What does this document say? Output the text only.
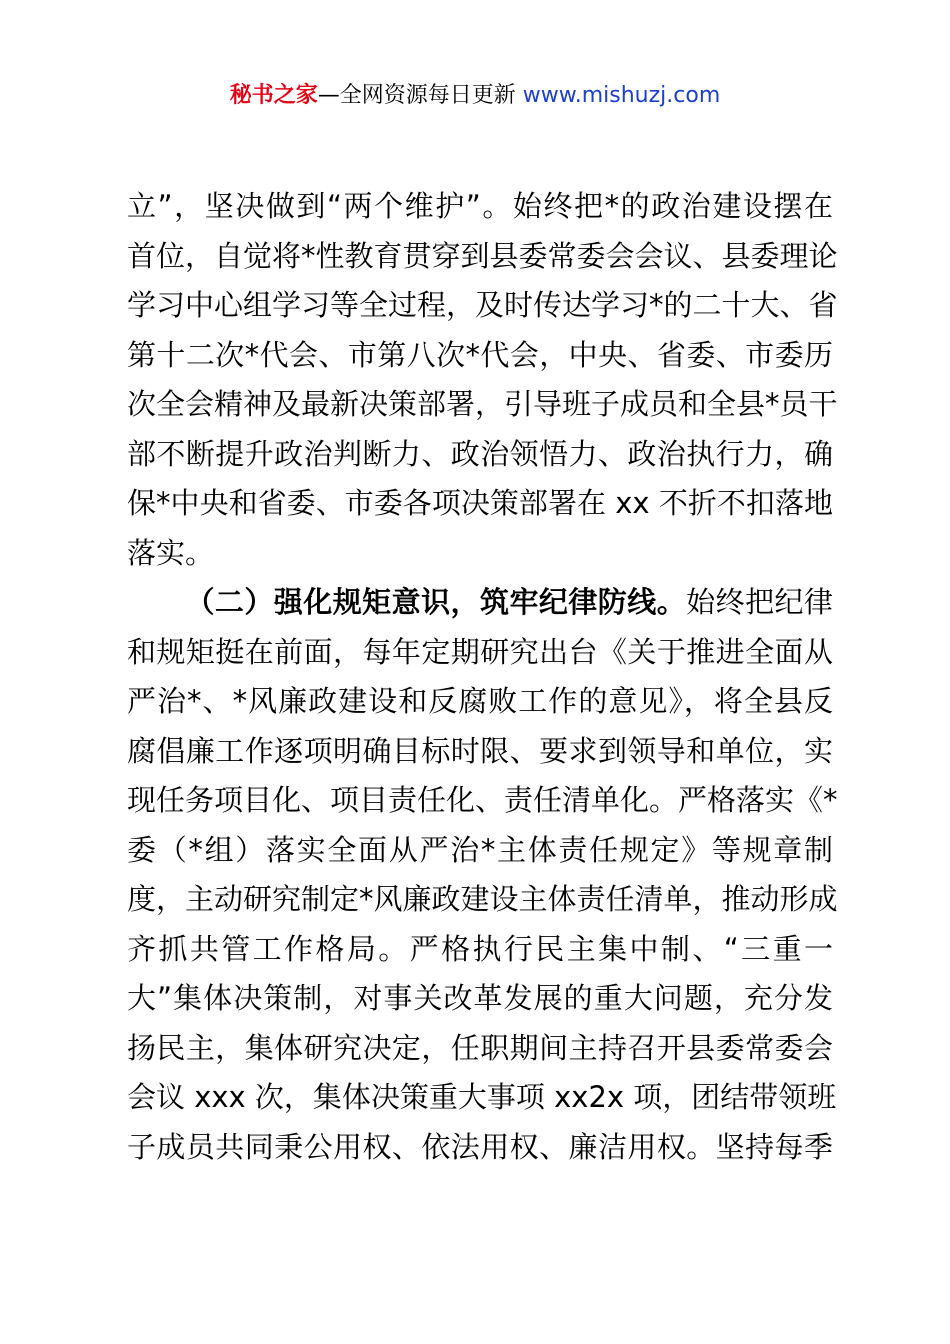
秘书之家—全网资源每日更新 www.mishuzj.com
立”，坚决做到“两个维护”。始终把*的政治建设摆在
首位，自觉将*性教育贯穿到县委常委会会议、县委理论
学习中心组学习等全过程，及时传达学习*的二十大、省
第十二次*代会、市第八次*代会，中央、省委、市委历
次全会精神及最新决策部署，引导班子成员和全县*员干
部不断提升政治判断力、政治领悟力、政治执行力，确
保*中央和省委、市委各项决策部署在 xx 不折不扣落地
落实。
（二）强化规矩意识，筑牢纪律防线。始终把纪律
和规矩挺在前面，每年定期研究出台《关于推进全面从
严治*、*风廉政建设和反腐败工作的意见》，将全县反
腐倡廉工作逐项明确目标时限、要求到领导和单位，实
现任务项目化、项目责任化、责任清单化。严格落实《*
委（*组）落实全面从严治*主体责任规定》等规章制
度，主动研究制定*风廉政建设主体责任清单，推动形成
齐抓共管工作格局。严格执行民主集中制、“三重一
大”集体决策制，对事关改革发展的重大问题，充分发
扬民主，集体研究决定，任职期间主持召开县委常委会
会议 xxx 次，集体决策重大事项 xx2x 项，团结带领班
子成员共同秉公用权、依法用权、廉洁用权。坚持每季
